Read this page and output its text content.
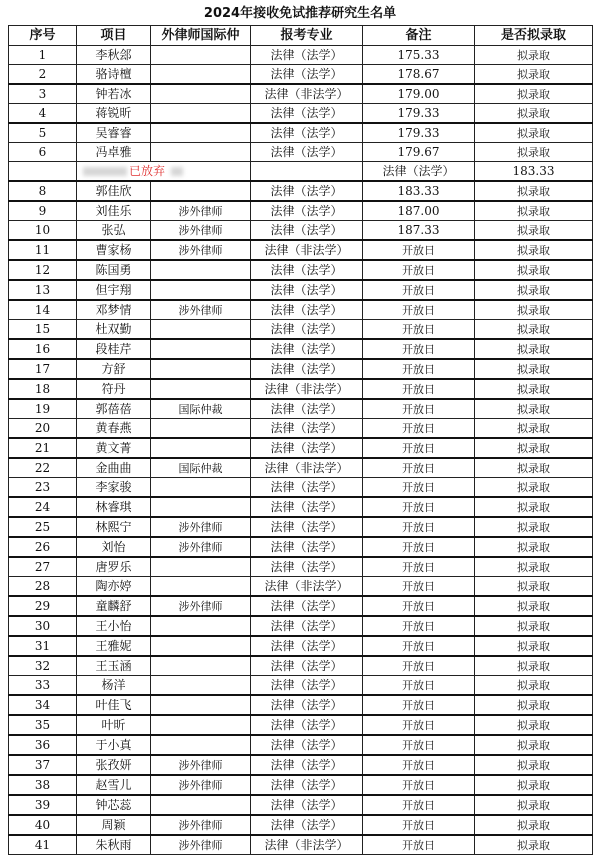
2024年接收免试推荐研究生名单
序号	项目	外律师国际仲	报考专业	备注	是否拟录取	
1	李秋郐		法律（法学）	175.33	拟录取	
2	骆诗檀		法律（法学）	178.67	拟录取	
3	钟若冰		法律（非法学）	179.00	拟录取	
4	蒋锐昕		法律（法学）	179.33	拟录取	
5	吴睿睿		法律（法学）	179.33	拟录取	
6	冯卓雅		法律（法学）	179.67	拟录取	
	已放弃			法律（法学）	183.33	
8	郭佳欣		法律（法学）	183.33	拟录取	
9	刘佳乐	涉外律师	法律（法学）	187.00	拟录取	
10	张弘	涉外律师	法律（法学）	187.33	拟录取	
11	曹家杨	涉外律师	法律（非法学）	开放日	拟录取	
12	陈国勇		法律（法学）	开放日	拟录取	
13	但宇翔		法律（法学）	开放日	拟录取	
14	邓梦情	涉外律师	法律（法学）	开放日	拟录取	
15	杜双勤		法律（法学）	开放日	拟录取	
16	段桂芹		法律（法学）	开放日	拟录取	
17	方舒		法律（法学）	开放日	拟录取	
18	符丹		法律（非法学）	开放日	拟录取	
19	郭蓓蓓	国际仲裁	法律（法学）	开放日	拟录取	
20	黄春燕		法律（法学）	开放日	拟录取	
21	黄文菁		法律（法学）	开放日	拟录取	
22	金曲曲	国际仲裁	法律（非法学）	开放日	拟录取	
23	李家骏		法律（法学）	开放日	拟录取	
24	林睿琪		法律（法学）	开放日	拟录取	
25	林熙宁	涉外律师	法律（法学）	开放日	拟录取	
26	刘怡	涉外律师	法律（法学）	开放日	拟录取	
27	唐罗乐		法律（法学）	开放日	拟录取	
28	陶亦婷		法律（非法学）	开放日	拟录取	
29	童麟舒	涉外律师	法律（法学）	开放日	拟录取	
30	王小怡		法律（法学）	开放日	拟录取	
31	王雅妮		法律（法学）	开放日	拟录取	
32	王玉涵		法律（法学）	开放日	拟录取	
33	杨洋		法律（法学）	开放日	拟录取	
34	叶佳飞		法律（法学）	开放日	拟录取	
35	叶昕		法律（法学）	开放日	拟录取	
36	于小真		法律（法学）	开放日	拟录取	
37	张孜妍	涉外律师	法律（法学）	开放日	拟录取	
38	赵雪儿	涉外律师	法律（法学）	开放日	拟录取	
39	钟芯蕊		法律（法学）	开放日	拟录取	
40	周颖	涉外律师	法律（法学）	开放日	拟录取	
41	朱秋雨	涉外律师	法律（非法学）	开放日	拟录取	
